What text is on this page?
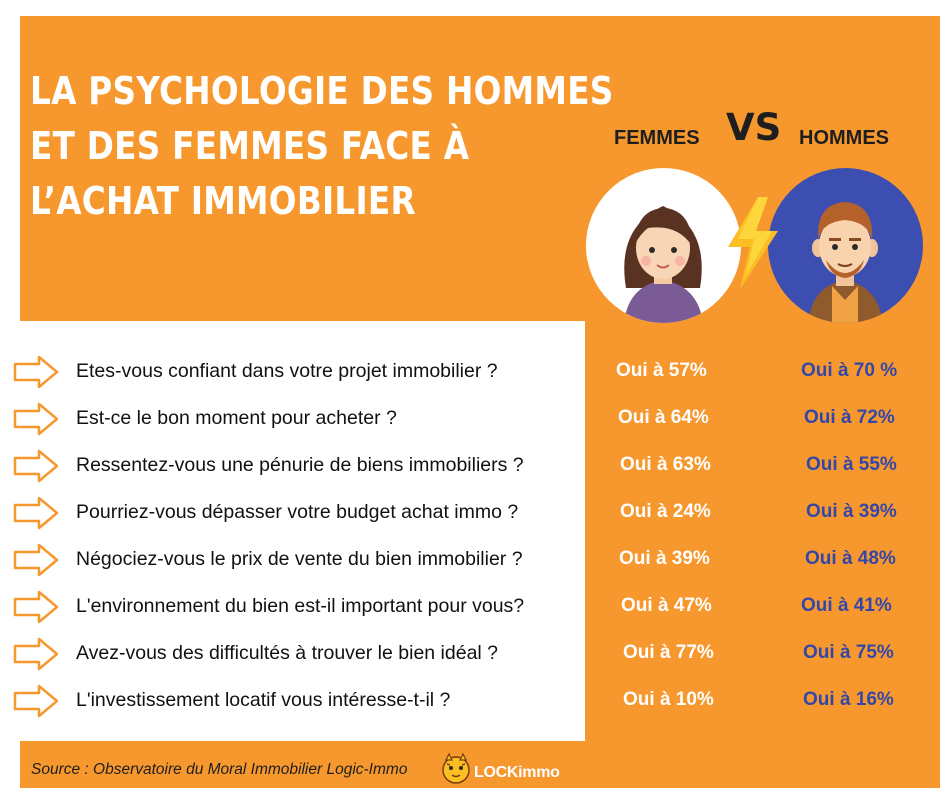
LA PSYCHOLOGIE DES HOMMES
ET DES FEMMES FACE À
L’ACHAT IMMOBILIER
FEMMES VS HOMMES
Etes-vous confiant dans votre projet immobilier ?	Oui à 57%	Oui à 70 %
Est-ce le bon moment pour acheter ?	Oui à 64%	Oui à 72%
Ressentez-vous une pénurie de biens immobiliers ?	Oui à 63%	Oui à 55%
Pourriez-vous dépasser votre budget achat immo ?	Oui à 24%	Oui à 39%
Négociez-vous le prix de vente du bien immobilier ?	Oui à 39%	Oui à 48%
L'environnement du bien est-il important pour vous?	Oui à 47%	Oui à 41%
Avez-vous des difficultés à trouver le bien idéal ?	Oui à 77%	Oui à 75%
L'investissement locatif vous intéresse-t-il ?	Oui à 10%	Oui à 16%
Source : Observatoire du Moral Immobilier Logic-Immo	LOCKimmo
